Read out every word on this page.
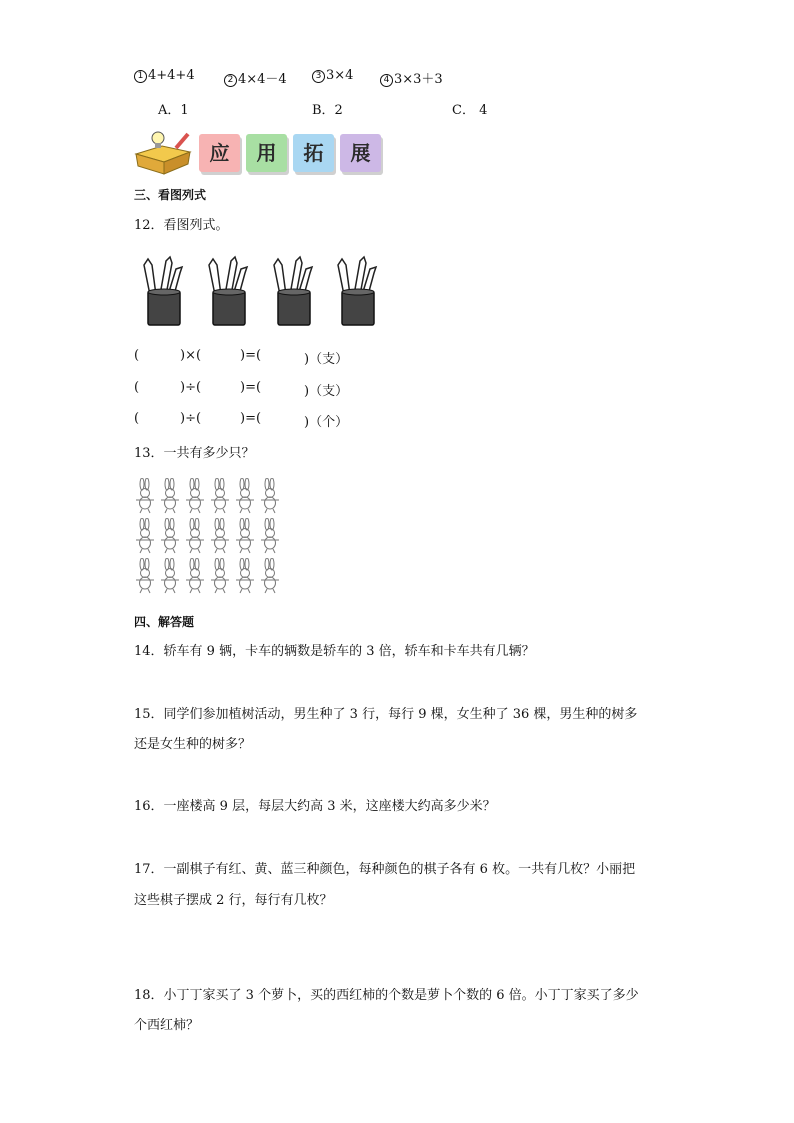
1 4+4+4	2 4×4－4	3 3×4	4 3×3＋3
A．1	B．2	C． 4
应	用	拓	展
三、看图列式
12．看图列式。
(	)×(	)=(	)（支）
(	)÷(	)=(	)（支）
(	)÷(	)=(	)（个）
13．一共有多少只？
四、解答题
14．轿车有 9 辆，卡车的辆数是轿车的 3 倍，轿车和卡车共有几辆？
15．同学们参加植树活动，男生种了 3 行，每行 9 棵，女生种了 36 棵，男生种的树多
还是女生种的树多？
16．一座楼高 9 层，每层大约高 3 米，这座楼大约高多少米？
17．一副棋子有红、黄、蓝三种颜色，每种颜色的棋子各有 6 枚。一共有几枚？小丽把
这些棋子摆成 2 行，每行有几枚？
18．小丁丁家买了 3 个萝卜，买的西红柿的个数是萝卜个数的 6 倍。小丁丁家买了多少
个西红柿？
